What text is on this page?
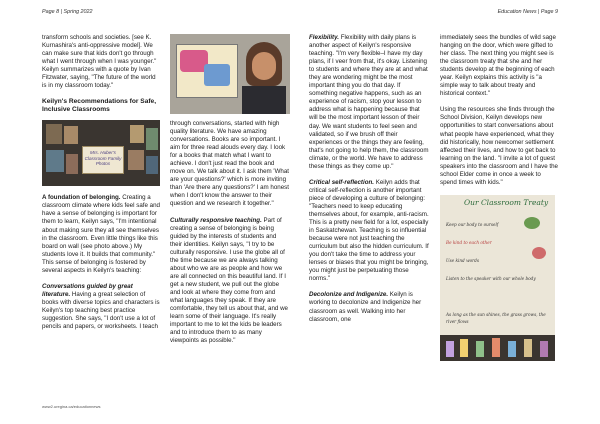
Page 8 | Spring 2022	Education News | Page 9

transform schools and societies. [see K. Kurnashira's anti-oppressive model]. We can make sure that kids don't go through what I went through when I was younger." Keilyn summarizes with a quote by Ivan Fitzwater, saying, "The future of the world is in my classroom today."

Keilyn's Recommendations for Safe, Inclusive Classrooms
Mrs. Huber's Classroom Family Photos

A foundation of belonging. Creating a classroom climate where kids feel safe and have a sense of belonging is important for them to learn, Keilyn says, "I'm intentional about making sure they all see themselves in the classroom. Even little things like this board on wall (see photo above.) My students love it. It builds that community." This sense of belonging is fostered by several aspects in Keilyn's teaching:

Conversations guided by great literature. Having a great selection of books with diverse topics and characters is Keilyn's top teaching best practice suggestion. She says, "I don't use a lot of pencils and papers, or worksheets. I teach

through conversations, started with high quality literature. We have amazing conversations. Books are so important. I aim for three read alouds every day. I look for a books that match what I want to achieve. I don't just read the book and move on. We talk about it. I ask them 'What are your questions?' which is more inviting than 'Are there any questions?' I am honest when I don't know the answer to their question and we research it together."

Culturally responsive teaching. Part of creating a sense of belonging is being guided by the interests of students and their identities. Keilyn says, "I try to be culturally responsive. I use the globe all of the time because we are always talking about who we are as people and how we are all connected on this beautiful land. If I get a new student, we pull out the globe and look at where they come from and what languages they speak. If they are comfortable, they tell us about that, and we learn some of their language. It's really important to me to let the kids be leaders and to introduce them to as many viewpoints as possible."

Flexibility. Flexibility with daily plans is another aspect of Keilyn's responsive teaching. "I'm very flexible–I have my day plans, if I veer from that, it's okay. Listening to students and where they are at and what they are wondering might be the most important thing you do that day. If something negative happens, such as an experience of racism, stop your lesson to address what is happening because that will be the most important lesson of their day. We want students to feel seen and validated, so if we brush off their experiences or the things they are feeling, that's not going to help them, the classroom climate, or the world. We have to address these things as they come up."

Critical self-reflection. Keilyn adds that critical self-reflection is another important piece of developing a culture of belonging: "Teachers need to keep educating themselves about, for example, anti-racism. This is a pretty new field for a lot, especially in Saskatchewan. Teaching is so influential because were not just teaching the curriculum but also the hidden curriculum. If you don't take the time to address your lenses or biases that you might be bringing, you might just be perpetuating those norms."

Decolonize and Indigenize. Keilyn is working to decolonize and Indigenize her classroom as well. Walking into her classroom, one

immediately sees the bundles of wild sage hanging on the door, which were gifted to her class. The next thing you might see is the classroom treaty that she and her students develop at the beginning of each year. Keilyn explains this activity is "a simple way to talk about treaty and historical context."

Using the resources she finds through the School Division, Keilyn develops new opportunities to start conversations about what people have experienced, what they did historically, how newcomer settlement affected their lives, and how to get back to learning on the land. "I invite a lot of guest speakers into the classroom and I have the school Elder come in once a week to spend times with kids."

Our Classroom Treaty
Keep our body to ourself
Be kind to each other
Use kind words
Listen to the speaker with our whole body
As long as the sun shines, the grass grows, the river flows
www2.uregina.ca/educationnews
